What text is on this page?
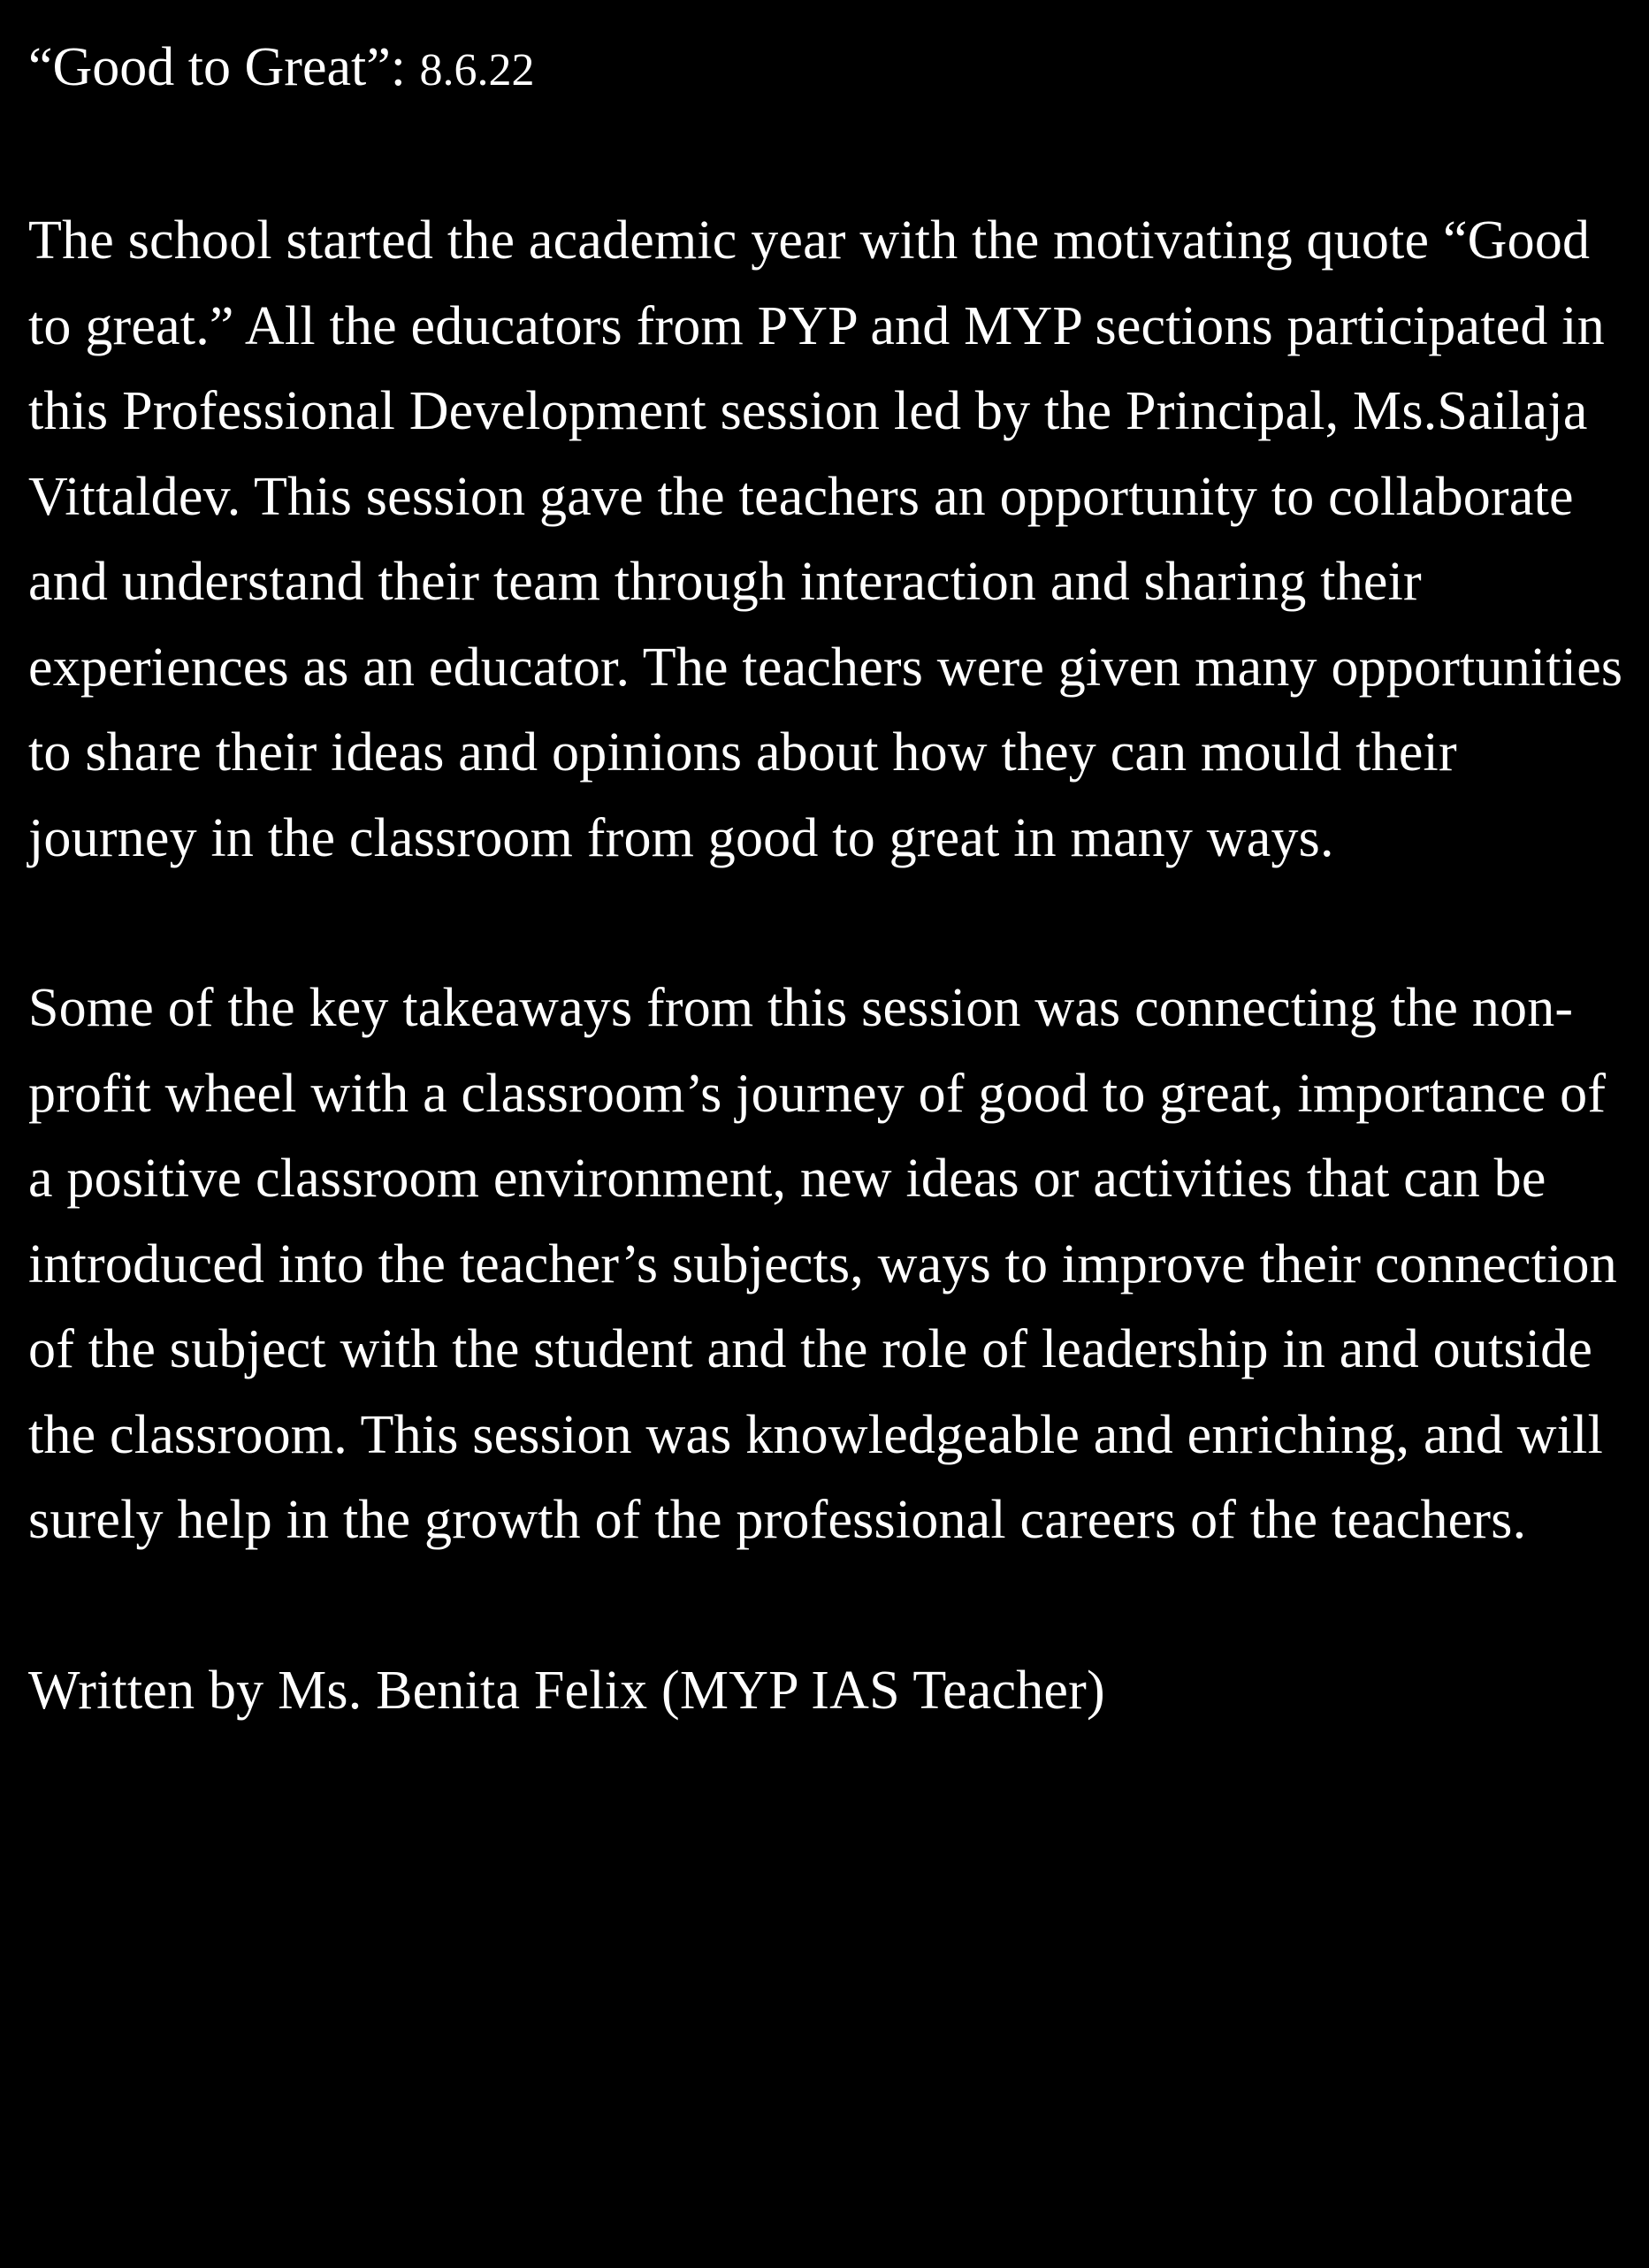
“Good to Great”: 8.6.22

The school started the academic year with the motivating quote “Good to great.” All the educators from PYP and MYP sections participated in this Professional Development session led by the Principal, Ms.Sailaja Vittaldev. This session gave the teachers an opportunity to collaborate and understand their team through interaction and sharing their experiences as an educator. The teachers were given many opportunities to share their ideas and opinions about how they can mould their journey in the classroom from good to great in many ways.

Some of the key takeaways from this session was connecting the non-profit wheel with a classroom’s journey of good to great, importance of a positive classroom environment, new ideas or activities that can be introduced into the teacher’s subjects, ways to improve their connection of the subject with the student and the role of leadership in and outside the classroom. This session was knowledgeable and enriching, and will surely help in the growth of the professional careers of the teachers.

Written by Ms. Benita Felix (MYP IAS Teacher)
